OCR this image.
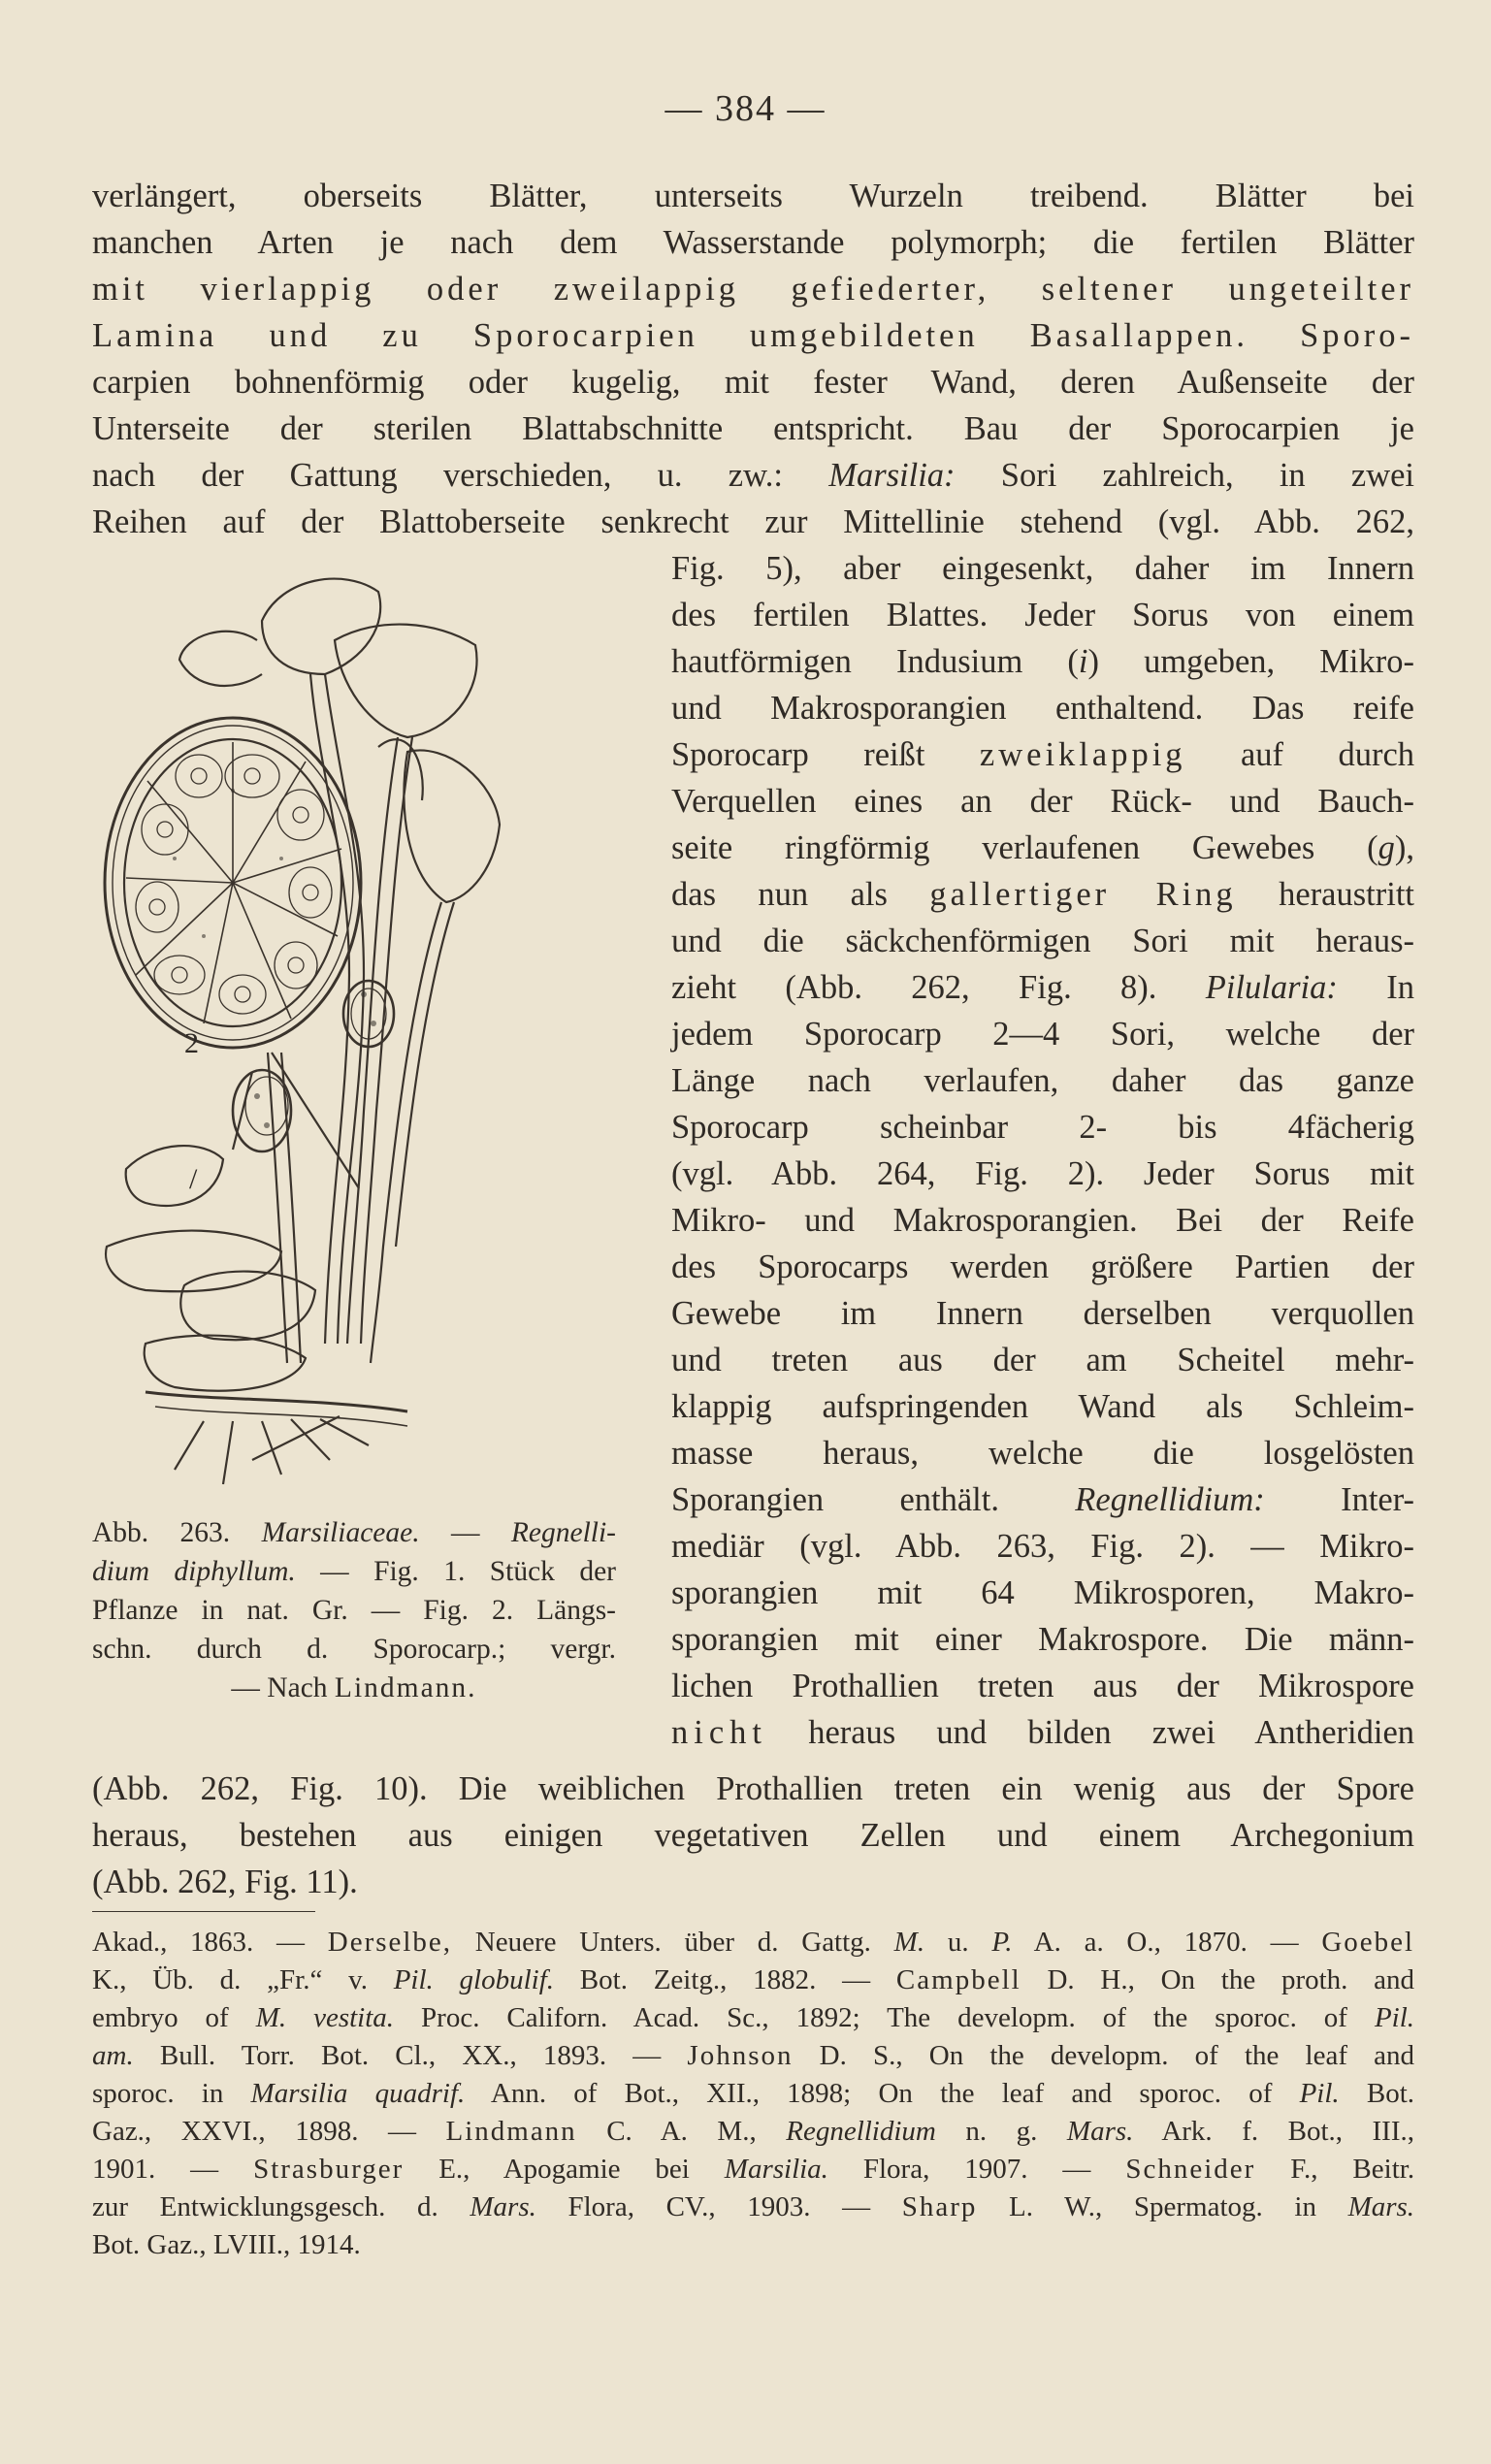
— 384 —
verlängert, oberseits Blätter, unterseits Wurzeln treibend. Blätter bei
manchen Arten je nach dem Wasserstande polymorph; die fertilen Blätter
mit vierlappig oder zweilappig gefiederter, seltener ungeteilter
Lamina und zu Sporocarpien umgebildeten Basallappen. Sporo-
carpien bohnenförmig oder kugelig, mit fester Wand, deren Außenseite der
Unterseite der sterilen Blattabschnitte entspricht. Bau der Sporocarpien je
nach der Gattung verschieden, u. zw.: Marsilia: Sori zahlreich, in zwei
Reihen auf der Blattoberseite senkrecht zur Mittellinie stehend (vgl. Abb. 262,
2
/
Fig. 5), aber eingesenkt, daher im Innern
des fertilen Blattes. Jeder Sorus von einem
hautförmigen Indusium (i) umgeben, Mikro-
und Makrosporangien enthaltend. Das reife
Sporocarp reißt zweiklappig auf durch
Verquellen eines an der Rück- und Bauch-
seite ringförmig verlaufenen Gewebes (g),
das nun als gallertiger Ring heraustritt
und die säckchenförmigen Sori mit heraus-
zieht (Abb. 262, Fig. 8). Pilularia: In
jedem Sporocarp 2—4 Sori, welche der
Länge nach verlaufen, daher das ganze
Sporocarp scheinbar 2- bis 4fächerig
(vgl. Abb. 264, Fig. 2). Jeder Sorus mit
Mikro- und Makrosporangien. Bei der Reife
des Sporocarps werden größere Partien der
Gewebe im Innern derselben verquollen
und treten aus der am Scheitel mehr-
klappig aufspringenden Wand als Schleim-
masse heraus, welche die losgelösten
Sporangien enthält. Regnellidium: Inter-
mediär (vgl. Abb. 263, Fig. 2). — Mikro-
sporangien mit 64 Mikrosporen, Makro-
sporangien mit einer Makrospore. Die männ-
lichen Prothallien treten aus der Mikrospore
nicht heraus und bilden zwei Antheridien
Abb. 263. Marsiliaceae. — Regnelli-
dium diphyllum. — Fig. 1. Stück der
Pflanze in nat. Gr. — Fig. 2. Längs-
schn. durch d. Sporocarp.; vergr.
— Nach Lindmann.
(Abb. 262, Fig. 10). Die weiblichen Prothallien treten ein wenig aus der Spore
heraus, bestehen aus einigen vegetativen Zellen und einem Archegonium
(Abb. 262, Fig. 11).
Akad., 1863. — Derselbe, Neuere Unters. über d. Gattg. M. u. P. A. a. O., 1870. — Goebel
K., Üb. d. „Fr.“ v. Pil. globulif. Bot. Zeitg., 1882. — Campbell D. H., On the proth. and
embryo of M. vestita. Proc. Californ. Acad. Sc., 1892; The developm. of the sporoc. of Pil.
am. Bull. Torr. Bot. Cl., XX., 1893. — Johnson D. S., On the developm. of the leaf and
sporoc. in Marsilia quadrif. Ann. of Bot., XII., 1898; On the leaf and sporoc. of Pil. Bot.
Gaz., XXVI., 1898. — Lindmann C. A. M., Regnellidium n. g. Mars. Ark. f. Bot., III.,
1901. — Strasburger E., Apogamie bei Marsilia. Flora, 1907. — Schneider F., Beitr.
zur Entwicklungsgesch. d. Mars. Flora, CV., 1903. — Sharp L. W., Spermatog. in Mars.
Bot. Gaz., LVIII., 1914.
